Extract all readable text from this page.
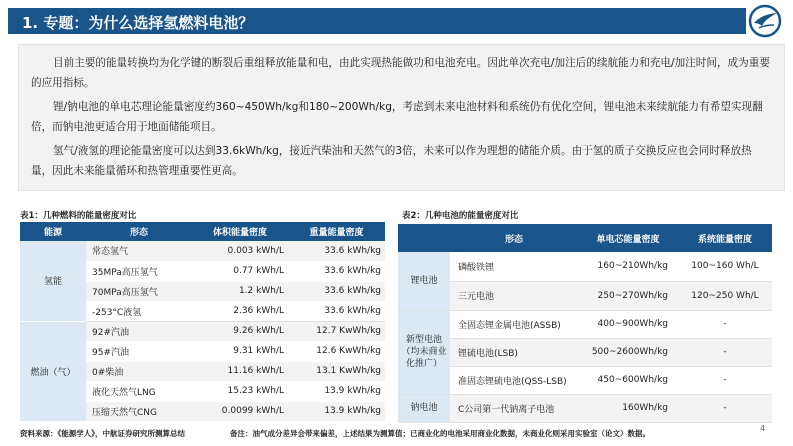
1. 专题：为什么选择氢燃料电池？

目前主要的能量转换均为化学键的断裂后重组释放能量和电，由此实现热能做功和电池充电。因此单次充电/加注后的续航能力和充电/加注时间，成为重要的应用指标。

锂/钠电池的单电芯理论能量密度约360~450Wh/kg和180~200Wh/kg，考虑到未来电池材料和系统仍有优化空间，锂电池未来续航能力有希望实现翻倍，而钠电池更适合用于地面储能项目。

氢气/液氢的理论能量密度可以达到33.6kWh/kg，接近汽柴油和天然气的3倍，未来可以作为理想的储能介质。由于氢的质子交换反应也会同时释放热量，因此未来能量循环和热管理重要性更高。

表1：几种燃料的能量密度对比
能源	形态	体积能量密度	重量能量密度
氢能	常态氢气	0.003 kWh/L	33.6 kWh/kg
	35MPa高压氢气	0.77 kWh/L	33.6 kWh/kg
	70MPa高压氢气	1.2 kWh/L	33.6 kWh/kg
	-253°C液氢	2.36 kWh/L	33.6 kWh/kg
燃油（气）	92#汽油	9.26 kWh/L	12.7 KwWh/kg
	95#汽油	9.31 kWh/L	12.6 KwWh/kg
	0#柴油	11.16 kWh/L	13.1 KwWh/kg
	液化天然气LNG	15.23 kWh/L	13.9 kWh/kg
	压缩天然气CNG	0.0099 kWh/L	13.9 kWh/kg
表2：几种电池的能量密度对比
	形态	单电芯能量密度	系统能量密度
锂电池	磷酸铁锂	160~210Wh/kg	100~160 Wh/L
	三元电池	250~270Wh/kg	120~250 Wh/L
新型电池（均未商业化推广）	全固态锂金属电池(ASSB)	400~900Wh/kg	-
	锂硫电池(LSB)	500~2600Wh/kg	-
	准固态锂硫电池(QSS-LSB)	450~600Wh/kg	-
钠电池	C公司第一代钠离子电池	160Wh/kg	-
资料来源：《能源学人》，中航证券研究所测算总结	备注：油气成分差异会带来偏差，上述结果为测算值；已商业化的电池采用商业化数据，未商业化则采用实验室（论文）数据。
4
